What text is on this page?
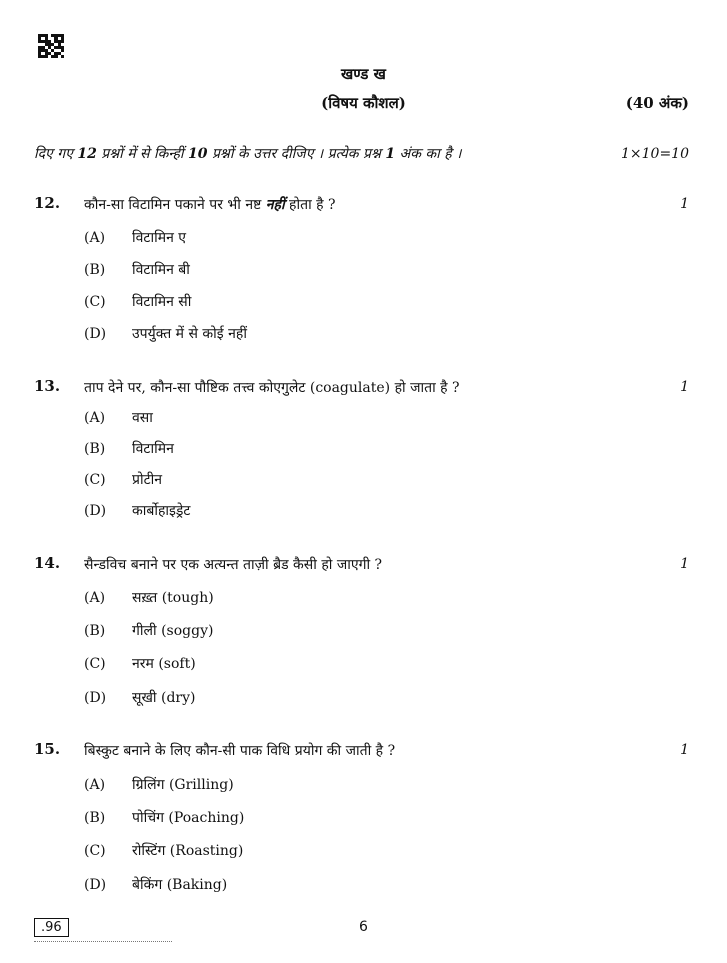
खण्ड ख
(विषय कौशल)	(40 अंक)
दिए गए 12 प्रश्नों में से किन्हीं 10 प्रश्नों के उत्तर दीजिए । प्रत्येक प्रश्न 1 अंक का है ।	1×10=10
12. कौन-सा विटामिन पकाने पर भी नष्ट नहीं होता है ?	1
(A) विटामिन ए
(B) विटामिन बी
(C) विटामिन सी
(D) उपर्युक्त में से कोई नहीं
13. ताप देने पर, कौन-सा पौष्टिक तत्त्व कोएगुलेट (coagulate) हो जाता है ?	1
(A) वसा
(B) विटामिन
(C) प्रोटीन
(D) कार्बोहाइड्रेट
14. सैन्डविच बनाने पर एक अत्यन्त ताज़ी ब्रैड कैसी हो जाएगी ?	1
(A) सख़्त (tough)
(B) गीली (soggy)
(C) नरम (soft)
(D) सूखी (dry)
15. बिस्कुट बनाने के लिए कौन-सी पाक विधि प्रयोग की जाती है ?	1
(A) ग्रिलिंग (Grilling)
(B) पोचिंग (Poaching)
(C) रोस्टिंग (Roasting)
(D) बेकिंग (Baking)
.96	6
